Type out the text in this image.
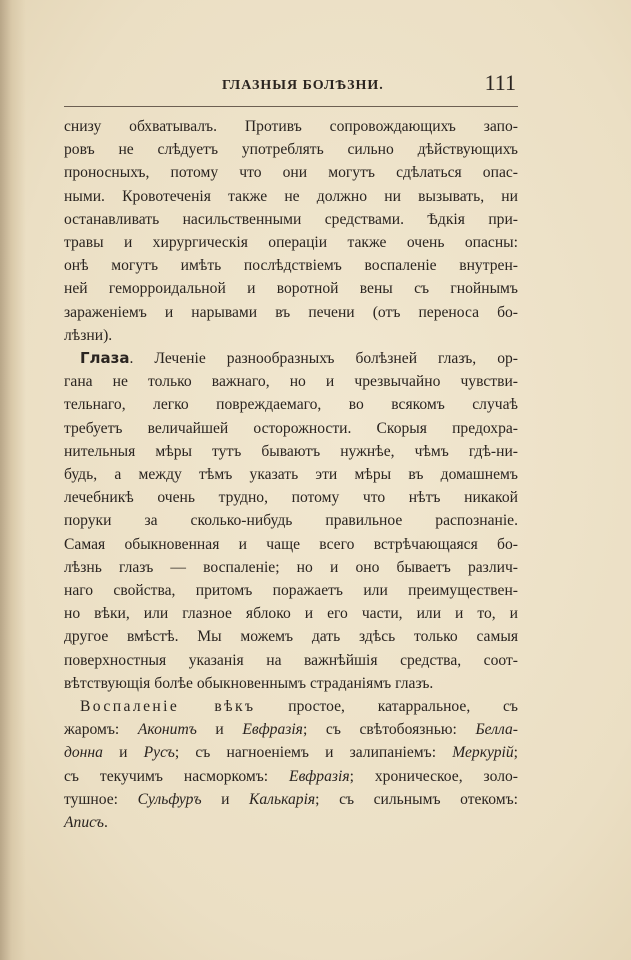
ГЛАЗНЫЯ БОЛѢЗНИ.	111

снизу обхватывалъ. Противъ сопровождающихъ запо-
ровъ не слѣдуетъ употреблять сильно дѣйствующихъ
проносныхъ, потому что они могутъ сдѣлаться опас-
ными. Кровотеченія также не должно ни вызывать, ни
останавливать насильственными средствами. Ѣдкія при-
травы и хирургическія операціи также очень опасны:
онѣ могутъ имѣть послѣдствіемъ воспаленіе внутрен-
ней геморроидальной и воротной вены съ гнойнымъ
зараженіемъ и нарывами въ печени (отъ переноса бо-
лѣзни).

Глаза. Леченіе разнообразныхъ болѣзней глазъ, ор-
гана не только важнаго, но и чрезвычайно чувстви-
тельнаго, легко повреждаемаго, во всякомъ случаѣ
требуетъ величайшей осторожности. Скорыя предохра-
нительныя мѣры тутъ бываютъ нужнѣе, чѣмъ гдѣ-ни-
будь, а между тѣмъ указать эти мѣры въ домашнемъ
лечебникѣ очень трудно, потому что нѣтъ никакой
поруки за сколько-нибудь правильное распознаніе.
Самая обыкновенная и чаще всего встрѣчающаяся бо-
лѣзнь глазъ — воспаленіе; но и оно бываетъ различ-
наго свойства, притомъ поражаетъ или преимуществен-
но вѣки, или глазное яблоко и его части, или и то, и
другое вмѣстѣ. Мы можемъ дать здѣсь только самыя
поверхностныя указанія на важнѣйшія средства, соот-
вѣтствующія болѣе обыкновеннымъ страданіямъ глазъ.

Воспаленіе вѣкъ простое, катарральное, съ
жаромъ: Аконитъ и Евфразія; съ свѣтобоязнью: Белла-
донна и Русъ; съ нагноеніемъ и залипаніемъ: Меркурій;
съ текучимъ насморкомъ: Евфразія; хроническое, золо-
тушное: Сульфуръ и Калькарія; съ сильнымъ отекомъ:
Аписъ.
